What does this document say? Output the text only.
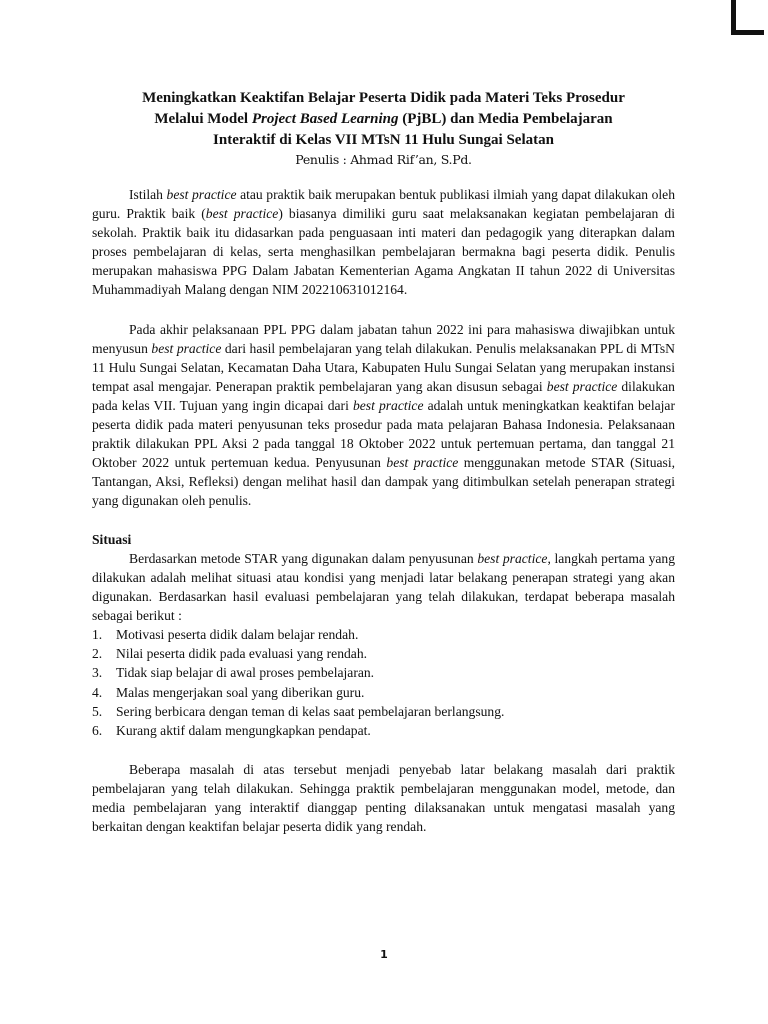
Meningkatkan Keaktifan Belajar Peserta Didik pada Materi Teks Prosedur
Melalui Model Project Based Learning (PjBL) dan Media Pembelajaran
Interaktif di Kelas VII MTsN 11 Hulu Sungai Selatan
Penulis : Ahmad Rif’an, S.Pd.

Istilah best practice atau praktik baik merupakan bentuk publikasi ilmiah yang dapat dilakukan oleh guru. Praktik baik (best practice) biasanya dimiliki guru saat melaksanakan kegiatan pembelajaran di sekolah. Praktik baik itu didasarkan pada penguasaan inti materi dan pedagogik yang diterapkan dalam proses pembelajaran di kelas, serta menghasilkan pembelajaran bermakna bagi peserta didik. Penulis merupakan mahasiswa PPG Dalam Jabatan Kementerian Agama Angkatan II tahun 2022 di Universitas Muhammadiyah Malang dengan NIM 202210631012164.

Pada akhir pelaksanaan PPL PPG dalam jabatan tahun 2022 ini para mahasiswa diwajibkan untuk menyusun best practice dari hasil pembelajaran yang telah dilakukan. Penulis melaksanakan PPL di MTsN 11 Hulu Sungai Selatan, Kecamatan Daha Utara, Kabupaten Hulu Sungai Selatan yang merupakan instansi tempat asal mengajar. Penerapan praktik pembelajaran yang akan disusun sebagai best practice dilakukan pada kelas VII. Tujuan yang ingin dicapai dari best practice adalah untuk meningkatkan keaktifan belajar peserta didik pada materi penyusunan teks prosedur pada mata pelajaran Bahasa Indonesia. Pelaksanaan praktik dilakukan PPL Aksi 2 pada tanggal 18 Oktober 2022 untuk pertemuan pertama, dan tanggal 21 Oktober 2022 untuk pertemuan kedua. Penyusunan best practice menggunakan metode STAR (Situasi, Tantangan, Aksi, Refleksi) dengan melihat hasil dan dampak yang ditimbulkan setelah penerapan strategi yang digunakan oleh penulis.

Situasi

Berdasarkan metode STAR yang digunakan dalam penyusunan best practice, langkah pertama yang dilakukan adalah melihat situasi atau kondisi yang menjadi latar belakang penerapan strategi yang akan digunakan. Berdasarkan hasil evaluasi pembelajaran yang telah dilakukan, terdapat beberapa masalah sebagai berikut :

1.	Motivasi peserta didik dalam belajar rendah.
2.	Nilai peserta didik pada evaluasi yang rendah.
3.	Tidak siap belajar di awal proses pembelajaran.
4.	Malas mengerjakan soal yang diberikan guru.
5.	Sering berbicara dengan teman di kelas saat pembelajaran berlangsung.
6.	Kurang aktif dalam mengungkapkan pendapat.

Beberapa masalah di atas tersebut menjadi penyebab latar belakang masalah dari praktik pembelajaran yang telah dilakukan. Sehingga praktik pembelajaran menggunakan model, metode, dan media pembelajaran yang interaktif dianggap penting dilaksanakan untuk mengatasi masalah yang berkaitan dengan keaktifan belajar peserta didik yang rendah.

1
